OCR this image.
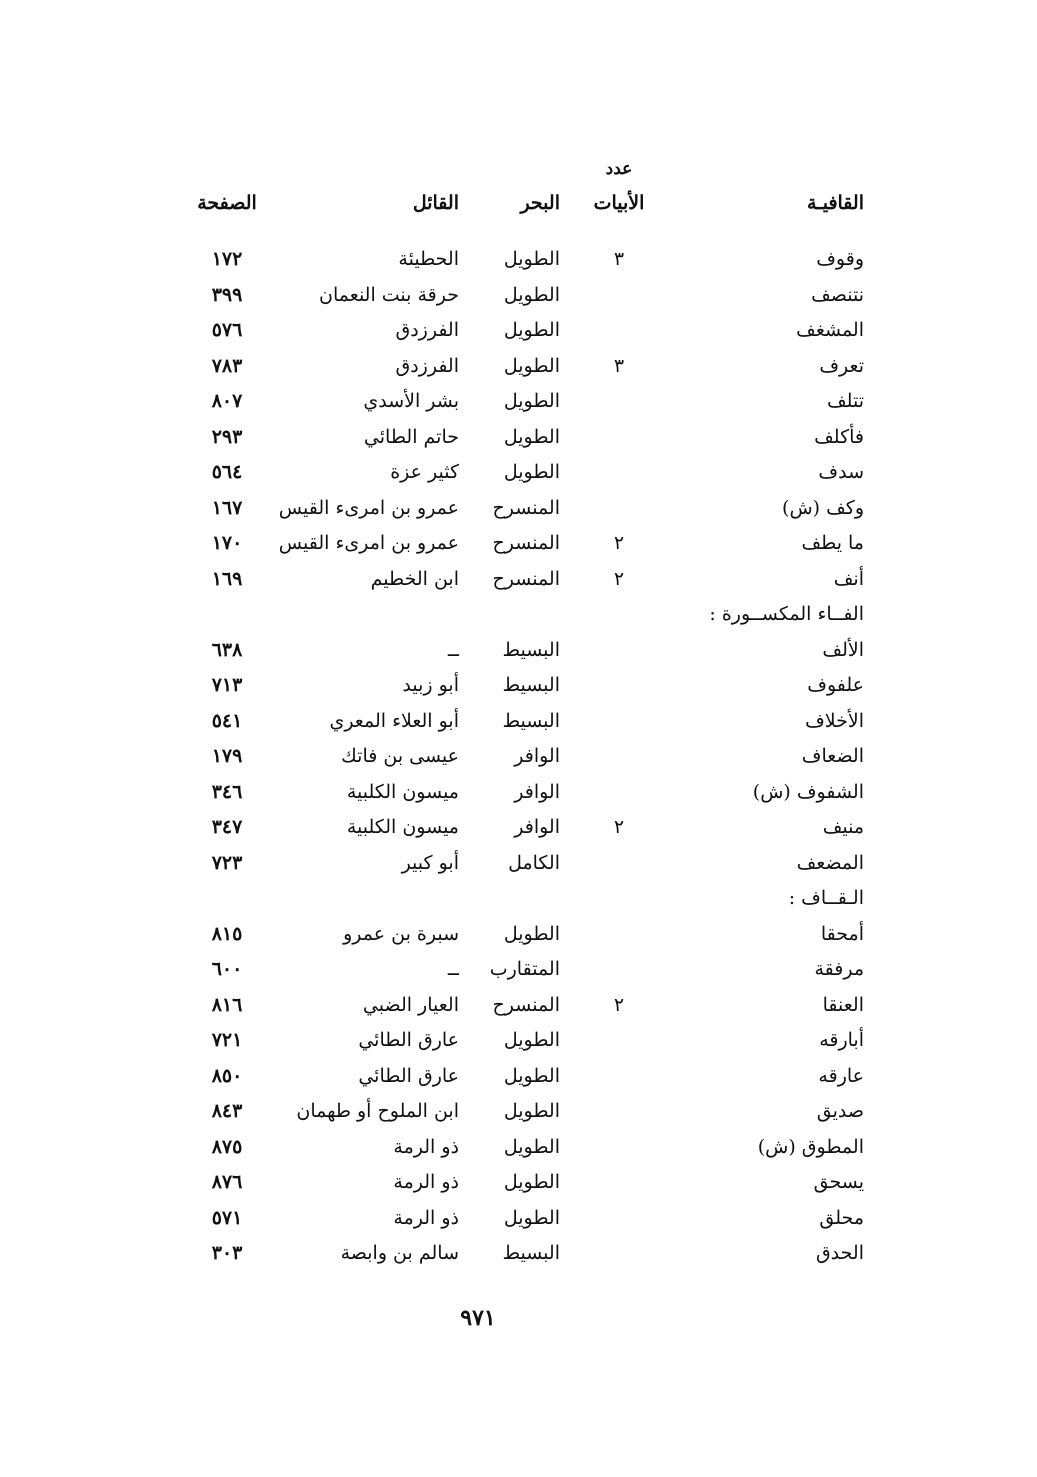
عدد
القافيـة
الأبيات
البحر
القائل
الصفحة
وقوف
٣
الطويل
الحطيئة
١٧٢
نتنصف
الطويل
حرقة بنت النعمان
٣٩٩
المشغف
الطويل
الفرزدق
٥٧٦
تعرف
٣
الطويل
الفرزدق
٧٨٣
تتلف
الطويل
بشر الأسدي
٨٠٧
فأكلف
الطويل
حاتم الطائي
٢٩٣
سدف
الطويل
كثير عزة
٥٦٤
وكف (ش)
المنسرح
عمرو بن امرىء القيس
١٦٧
ما يطف
٢
المنسرح
عمرو بن امرىء القيس
١٧٠
أنف
٢
المنسرح
ابن الخطيم
١٦٩
الفــاء المكســورة :
الألف
البسيط
ــ
٦٣٨
علفوف
البسيط
أبو زبيد
٧١٣
الأخلاف
البسيط
أبو العلاء المعري
٥٤١
الضعاف
الوافر
عيسى بن فاتك
١٧٩
الشفوف (ش)
الوافر
ميسون الكلبية
٣٤٦
منيف
٢
الوافر
ميسون الكلبية
٣٤٧
المضعف
الكامل
أبو كبير
٧٢٣
الـقــاف :
أمحقا
الطويل
سبرة بن عمرو
٨١٥
مرفقة
المتقارب
ــ
٦٠٠
العنقا
٢
المنسرح
العيار الضبي
٨١٦
أبارقه
الطويل
عارق الطائي
٧٢١
عارقه
الطويل
عارق الطائي
٨٥٠
صديق
الطويل
ابن الملوح أو طهمان
٨٤٣
المطوق (ش)
الطويل
ذو الرمة
٨٧٥
يسحق
الطويل
ذو الرمة
٨٧٦
محلق
الطويل
ذو الرمة
٥٧١
الحدق
البسيط
سالم بن وابصة
٣٠٣
٩٧١
